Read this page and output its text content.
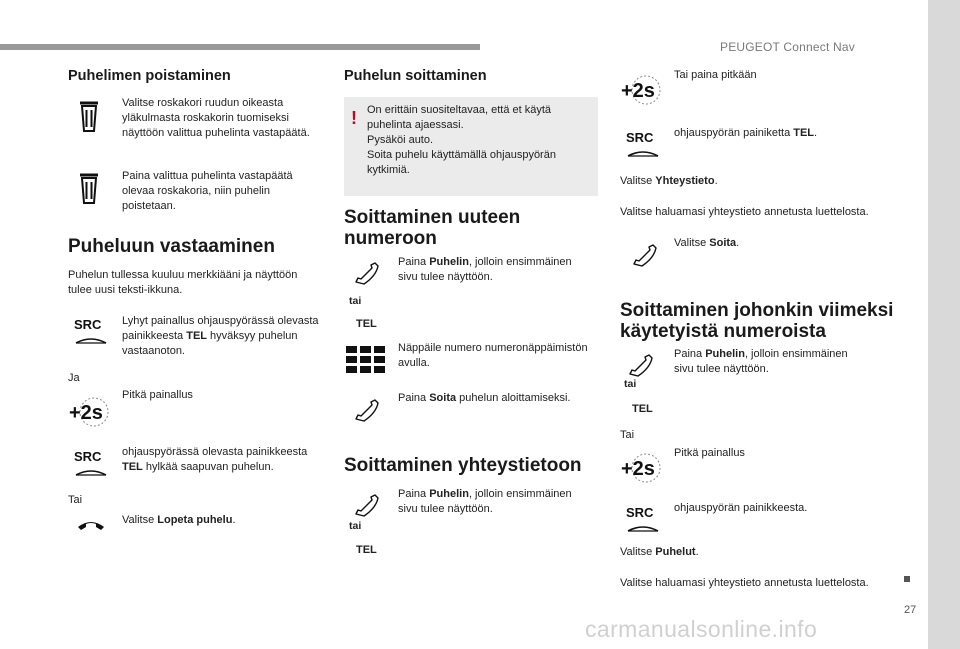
PEUGEOT Connect Nav
27
carmanualsonline.info
Puhelimen poistaminen
Valitse roskakori ruudun oikeasta yläkulmasta roskakorin tuomiseksi näyttöön valittua puhelinta vastapäätä.
Paina valittua puhelinta vastapäätä olevaa roskakoria, niin puhelin poistetaan.
Puheluun vastaaminen
Puhelun tullessa kuuluu merkkiääni ja näyttöön tulee uusi teksti-ikkuna.
SRC	Lyhyt painallus ohjauspyörässä olevasta painikkeesta TEL hyväksyy puhelun vastaanoton.
Ja
+2s
Pitkä painallus
SRC	ohjauspyörässä olevasta painikkeesta TEL hylkää saapuvan puhelun.
Tai
Valitse Lopeta puhelu.
Puhelun soittaminen
! On erittäin suositeltavaa, että et käytä puhelinta ajaessasi.
Pysäköi auto.
Soita puhelu käyttämällä ohjauspyörän kytkimiä.
Soittaminen uuteen
numeroon
Paina Puhelin, jolloin ensimmäinen sivu tulee näyttöön.
tai
TEL
Näppäile numero numeronäppäimistön avulla.
Paina Soita puhelun aloittamiseksi.
Soittaminen yhteystietoon
Paina Puhelin, jolloin ensimmäinen sivu tulee näyttöön.
tai
TEL
+2s
Tai paina pitkään
SRC	ohjauspyörän painiketta TEL.
Valitse Yhteystieto.
Valitse haluamasi yhteystieto annetusta luettelosta.
Valitse Soita.
Soittaminen johonkin viimeksi
käytetyistä numeroista
Paina Puhelin, jolloin ensimmäinen sivu tulee näyttöön.
tai
TEL
Tai
+2s
Pitkä painallus
SRC	ohjauspyörän painikkeesta.
Valitse Puhelut.
Valitse haluamasi yhteystieto annetusta luettelosta.
